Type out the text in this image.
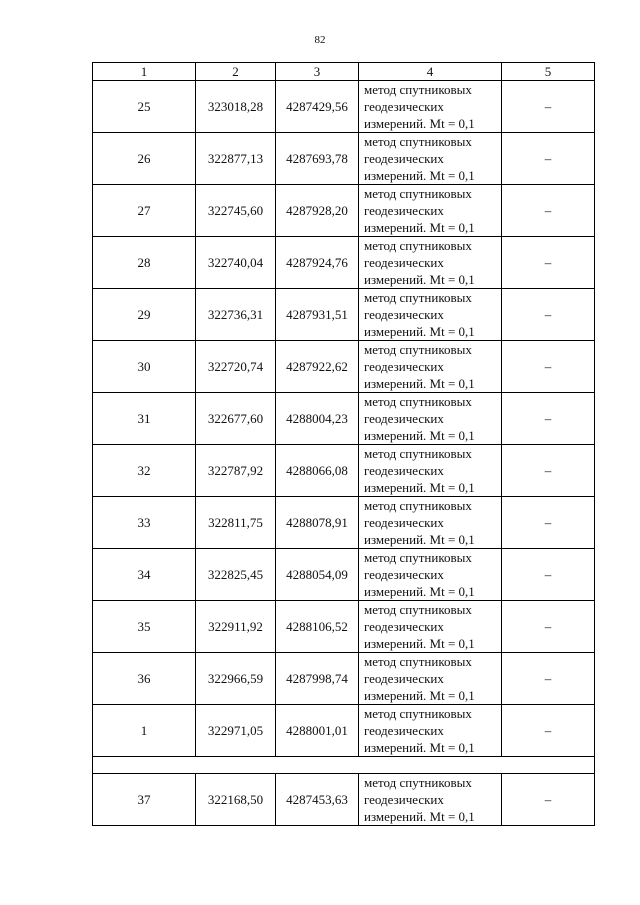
82
1	2	3	4	5
25	323018,28	4287429,56	метод спутниковых
геодезических
измерений. Mt = 0,1	–
26	322877,13	4287693,78	метод спутниковых
геодезических
измерений. Mt = 0,1	–
27	322745,60	4287928,20	метод спутниковых
геодезических
измерений. Mt = 0,1	–
28	322740,04	4287924,76	метод спутниковых
геодезических
измерений. Mt = 0,1	–
29	322736,31	4287931,51	метод спутниковых
геодезических
измерений. Mt = 0,1	–
30	322720,74	4287922,62	метод спутниковых
геодезических
измерений. Mt = 0,1	–
31	322677,60	4288004,23	метод спутниковых
геодезических
измерений. Mt = 0,1	–
32	322787,92	4288066,08	метод спутниковых
геодезических
измерений. Mt = 0,1	–
33	322811,75	4288078,91	метод спутниковых
геодезических
измерений. Mt = 0,1	–
34	322825,45	4288054,09	метод спутниковых
геодезических
измерений. Mt = 0,1	–
35	322911,92	4288106,52	метод спутниковых
геодезических
измерений. Mt = 0,1	–
36	322966,59	4287998,74	метод спутниковых
геодезических
измерений. Mt = 0,1	–
1	322971,05	4288001,01	метод спутниковых
геодезических
измерений. Mt = 0,1	–

37	322168,50	4287453,63	метод спутниковых
геодезических
измерений. Mt = 0,1	–
